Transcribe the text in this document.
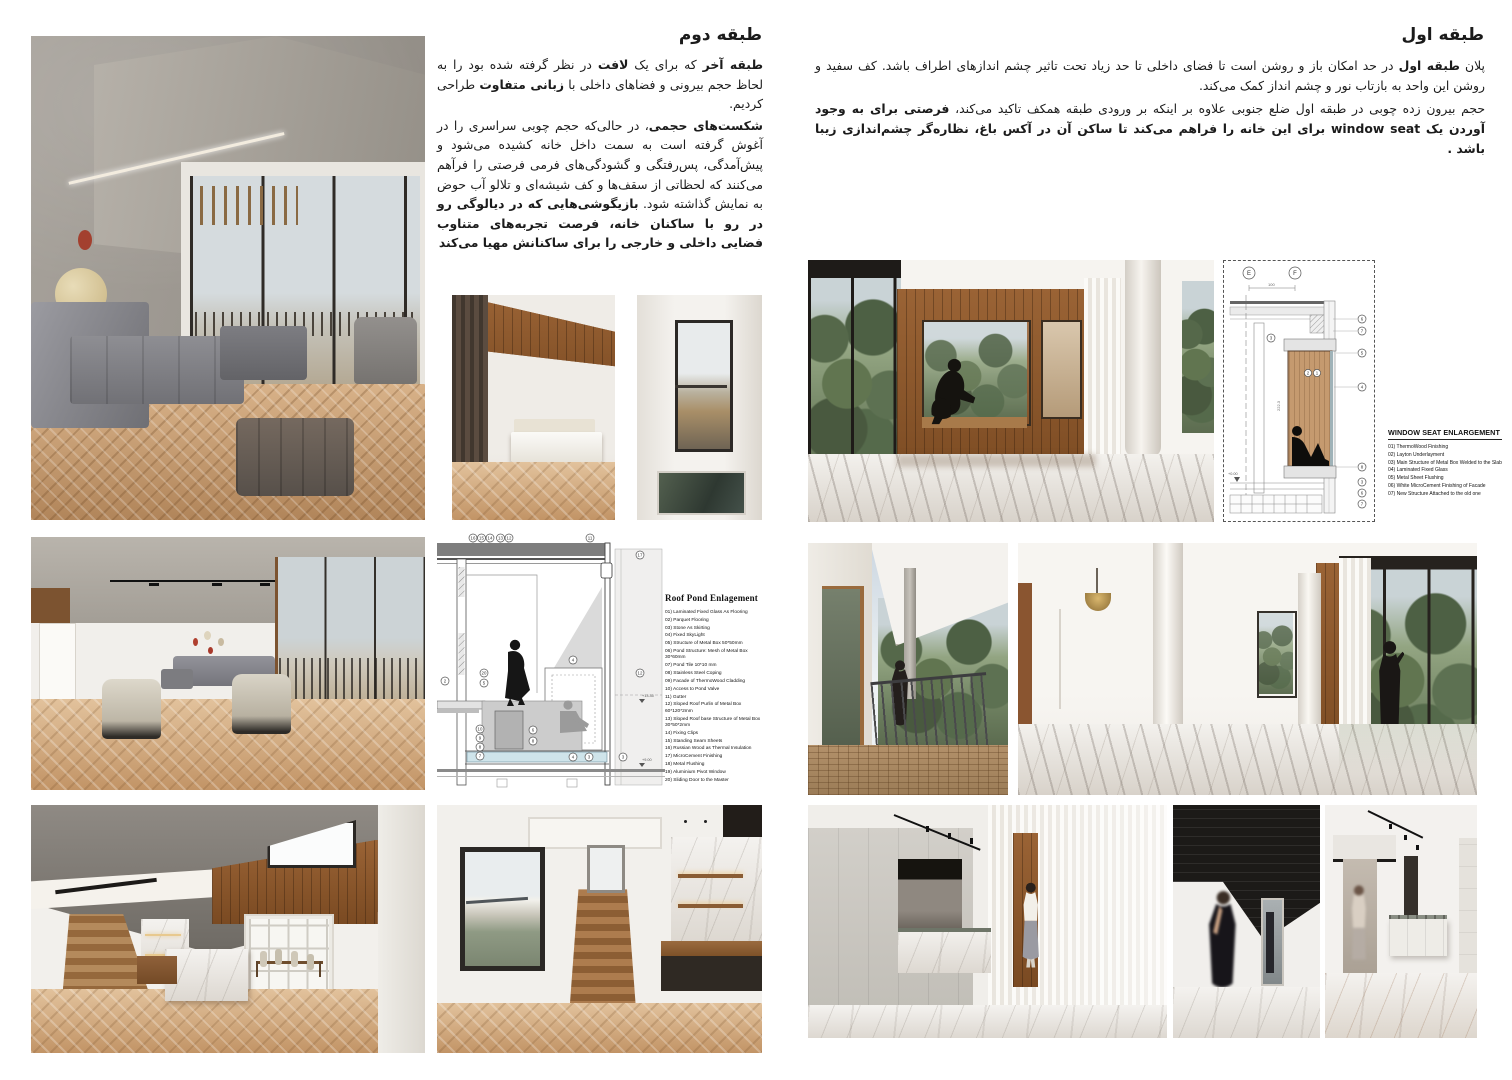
طبقه دوم

طبقه آخر که برای یک لافت در نظر گرفته شده بود را به لحاظ حجم بیرونی و فضاهای داخلی با زبانی متفاوت طراحی کردیم.

شکست‌های حجمی، در حالی‌که حجم چوبی سراسری را در آغوش گرفته است به سمت داخل خانه کشیده می‌شود و پیش‌آمدگی، پس‌رفتگی و گشودگی‌های فرمی فرصتی را فرآهم می‌کنند که لحظاتی از سقف‌ها و کف شیشه‌ای و تلالو آب حوض به نمایش گذاشته شود. بازیگوشی‌هایی که در دیالوگی رو در رو با ساکنان خانه، فرصت تجربه‌های متناوب فضایی داخلی و خارجی را برای ساکنانش مهیا می‌کند

16 15 14 13 12	11
17
12
3
2
20
4
5
6
8
10
9
8
7	4	3
+13.35
+9.00
Roof Pond Enlagement
01) Laminated Fixed Glass As Flooring
02) Parquet Flooring
03) Stone As Skirting
04) Fixed SkyLight
05) Structure of Metal Box 50*50mm
06) Pond Structure: Mesh of Metal Box 30*60mm
07) Pond Tile 10*10 mm
08) Stainless Steel Coping
09) Facade of ThermoWood Cladding
10) Access to Pond Valve
11) Gutter
12) Sloped Roof Purlin of Metal Box 60*120*2mm
13) Sloped Roof base Structure of Metal Box 30*50*2mm
14) Fixing Clips
15) Standing Seam Sheets
16) Russian Wood as Thermal Insulation
17) MicroCement Finishing
18) Metal Flushing
19) Aluminium Pivot Window
20) Sliding Door to the Master
طبقه اول

پلان طبقه اول در حد امکان باز و روشن است تا فضای داخلی تا حد زیاد تحت تاثیر چشم اندازهای اطراف باشد. کف سفید و روشن این واحد به بازتاب نور و چشم انداز کمک می‌کند.

حجم بیرون زده چوبی در طبقه اول ضلع جنوبی علاوه بر اینکه بر ورودی طبقه همکف تاکید می‌کند، فرصتی برای به وجود آوردن یک window seat برای این خانه را فراهم می‌کند تا ساکن آن در آکس باغ، نظاره‌گر چشم‌اندازی زیبا باشد .

E	F
100
2 1
3
222.3
+0.00
6
7
5
4
8
3
6
7
WINDOW SEAT ENLARGEMENT
01) ThermoWood Finishing
02) Layton Underlayment
03) Main Structure of Metal Box Welded to the Slab
04) Laminated Fixed Glass
05) Metal Sheet Flushing
06) White MicroCement Finishing of Facade
07) New Structure Attached to the old one
